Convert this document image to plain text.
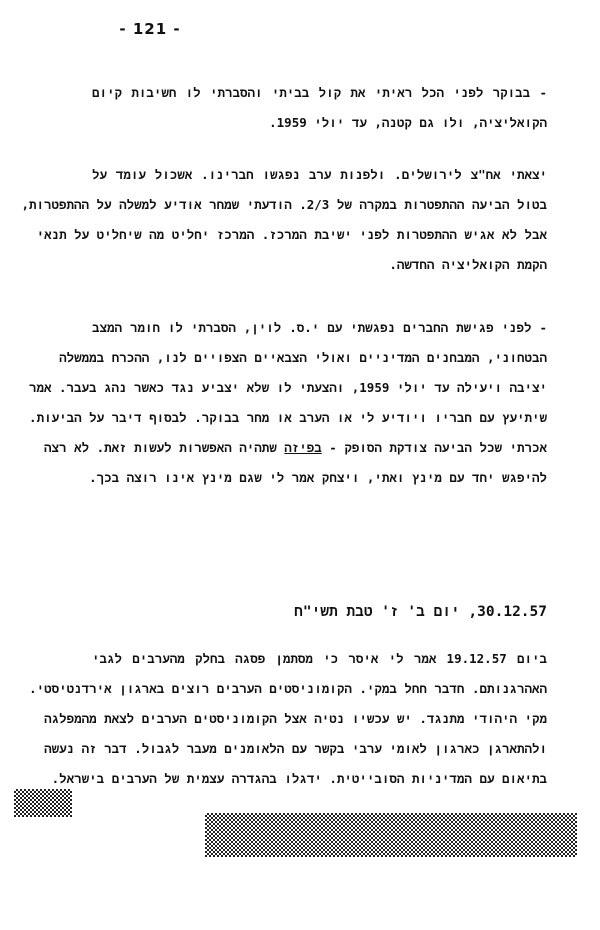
- 121 -
- בבוקר לפני הכל ראיתי את קול בביתי והסברתי לו חשיבות קיום
הקואליציה, ולו גם קטנה, עד יולי 1959.
יצאתי אח"צ לירושלים. ולפנות ערב נפגשו חברינו. אשכול עומד על
בטול הביעה ההתפטרות במקרה של 2/3. הודעתי שמחר אודיע למשלה על ההתפטרות,
אבל לא אגיש ההתפטרות לפני ישיבת המרכז. המרכז יחליט מה שיחליט על תנאי
הקמת הקואליציה החדשה.
- לפני פגישת החברים נפגשתי עם י.ס. לוין, הסברתי לו חומר המצב
הבטחוני, המבחנים המדיניים ואולי הצבאיים הצפויים לנו, ההכרח בממשלה
יציבה ויעילה עד יולי 1959, והצעתי לו שלא יצביע נגד כאשר נהג בעבר. אמר
שיתיעץ עם חבריו ויודיע לי או הערב או מחר בבוקר. לבסוף דיבר על הביעות.
אכרתי שכל הביעה צודקת הסופק - בפיזה שתהיה האפשרות לעשות זאת. לא רצה
להיפגש יחד עם מינץ ואתי, ויצחק אמר לי שגם מינץ אינו רוצה בכך.
30.12.57, יום ב' ז' טבת תשי"ח
ביום 19.12.57 אמר לי איסר כי מסתמן פסגה בחלק מהערבים לגבי
האהרגנותם. חדבר חחל במקי. הקומוניסטים הערבים רוצים בארגון אירדנטיסטי.
מקי היהודי מתנגד. יש עכשיו נטיה אצל הקומוניסטים הערבים לצאת מהמפלגה
ולהתארגן כארגון לאומי ערבי בקשר עם הלאומנים מעבר לגבול. דבר זה נעשה
בתיאום עם המדיניות הסובייטית. ידגלו בהגדרה עצמית של הערבים בישראל.
